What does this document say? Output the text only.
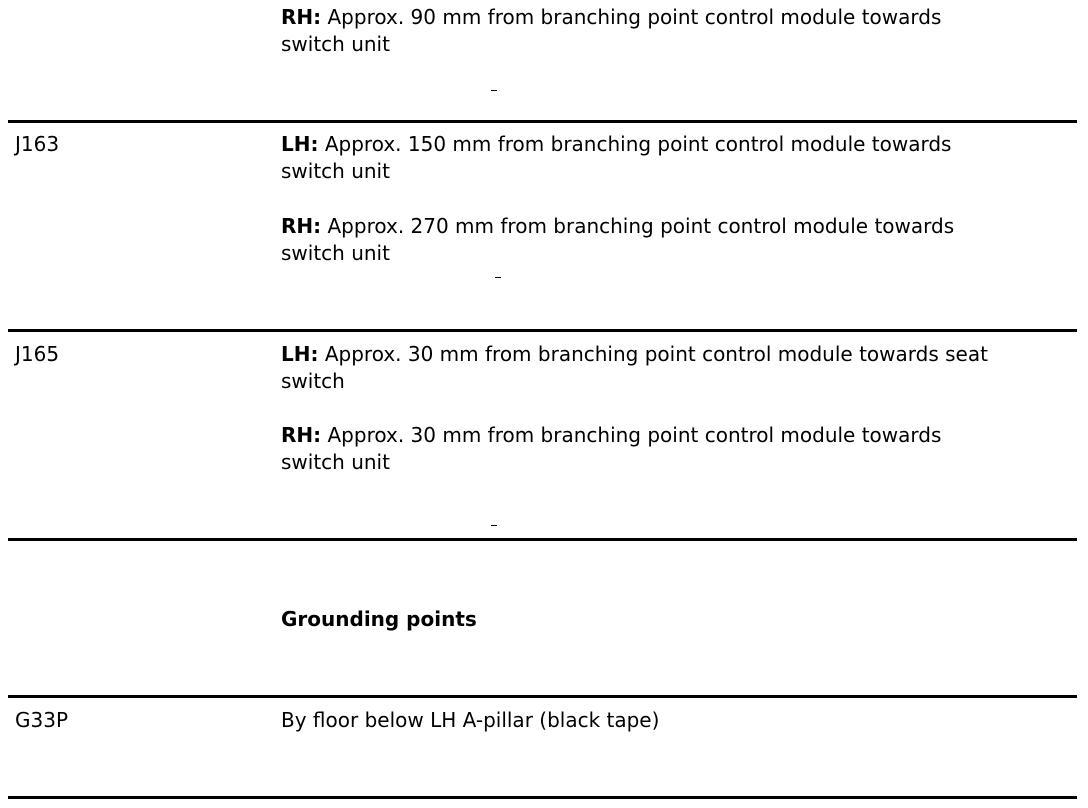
RH: Approx. 90 mm from branching point control module towards
switch unit
J163	LH: Approx. 150 mm from branching point control module towards
switch unit
RH: Approx. 270 mm from branching point control module towards
switch unit
J165	LH: Approx. 30 mm from branching point control module towards seat
switch
RH: Approx. 30 mm from branching point control module towards
switch unit
Grounding points
G33P	By floor below LH A-pillar (black tape)
